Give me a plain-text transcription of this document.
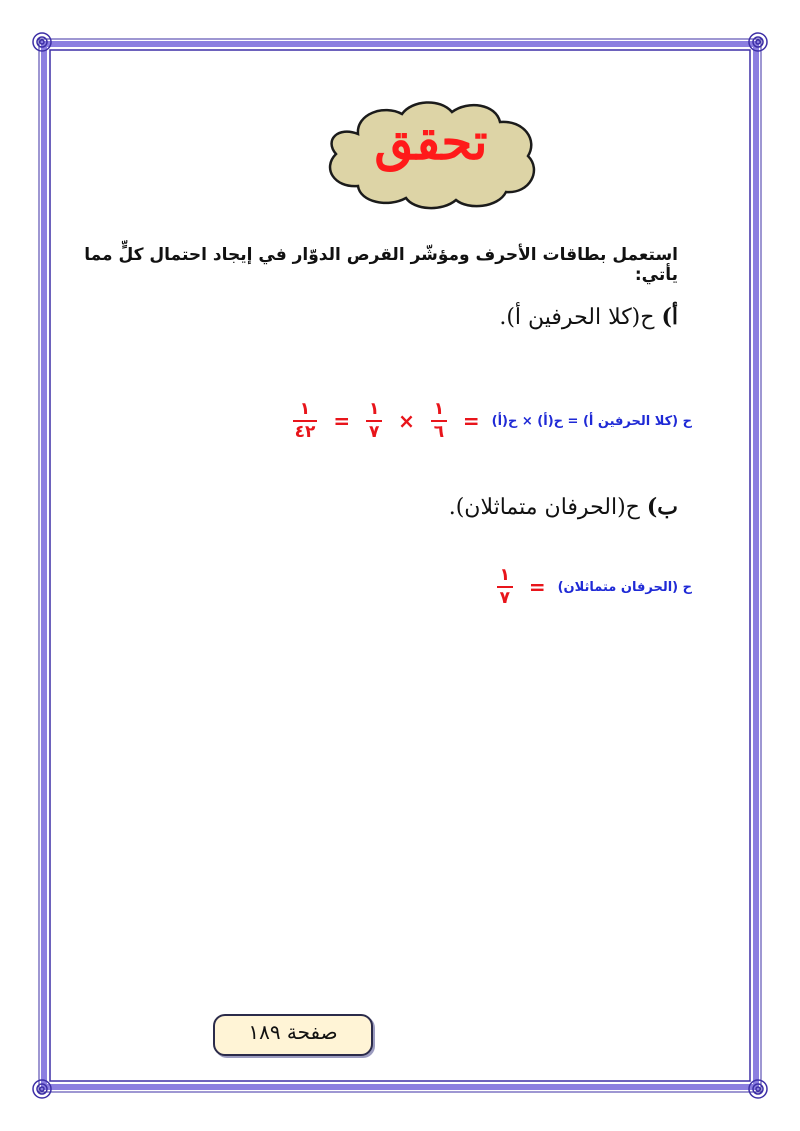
تحقق
استعمل بطاقات الأحرف ومؤشّر القرص الدوّار في إيجاد احتمال كلٍّ مما يأتي:
أ) ح(كلا الحرفين أ).
ح (كلا الحرفين أ) = ح(أ) × ح(أ)
=
$\frac{١}{٦}$
×
$\frac{١}{٧}$
=
$\frac{١}{٤٢}$
ب) ح(الحرفان متماثلان).
ح (الحرفان متماثلان)
=
$\frac{١}{٧}$
صفحة ١٨٩
